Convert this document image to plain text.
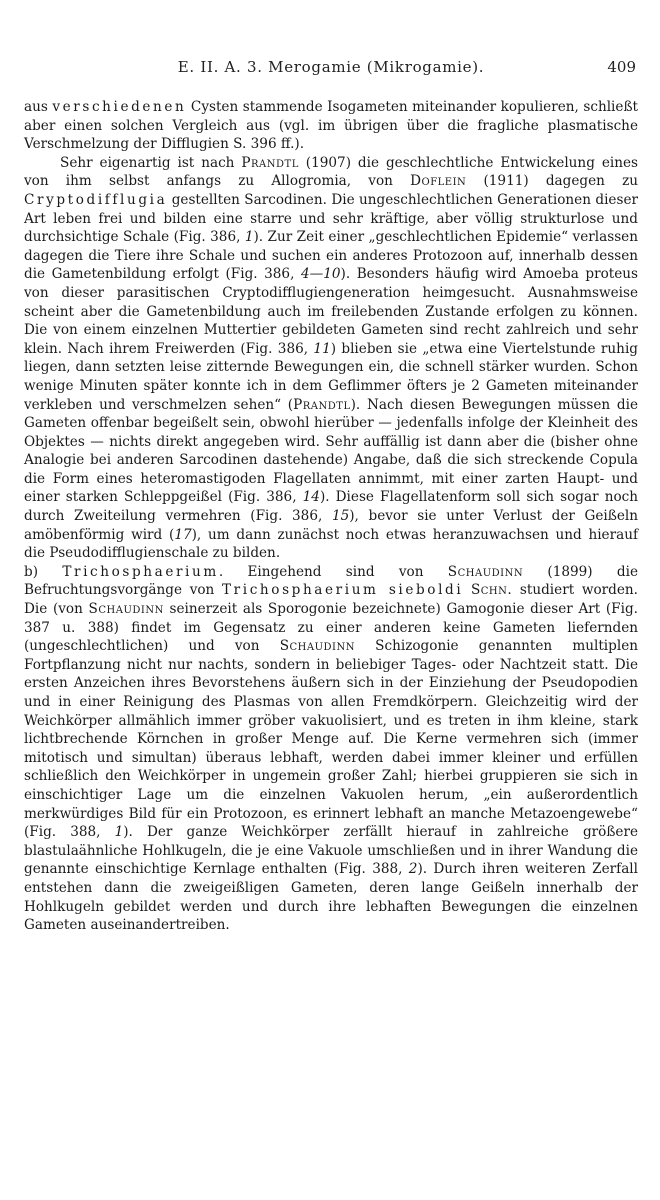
E. II. A. 3. Merogamie (Mikrogamie).	409

aus verschiedenen Cysten stammende Isogameten miteinander kopulieren, schließt aber einen solchen Vergleich aus (vgl. im übrigen über die fragliche plasmatische Verschmelzung der Difflugien S. 396 ff.).

Sehr eigenartig ist nach Prandtl (1907) die geschlechtliche Entwickelung eines von ihm selbst anfangs zu Allogromia, von Doflein (1911) dagegen zu Cryptodifflugia gestellten Sarcodinen. Die ungeschlechtlichen Generationen dieser Art leben frei und bilden eine starre und sehr kräftige, aber völlig strukturlose und durchsichtige Schale (Fig. 386, 1). Zur Zeit einer „geschlechtlichen Epidemie“ verlassen dagegen die Tiere ihre Schale und suchen ein anderes Protozoon auf, innerhalb dessen die Gametenbildung erfolgt (Fig. 386, 4—10). Besonders häufig wird Amoeba proteus von dieser parasitischen Cryptodifflugiengeneration heimgesucht. Ausnahmsweise scheint aber die Gametenbildung auch im freilebenden Zustande erfolgen zu können. Die von einem einzelnen Muttertier gebildeten Gameten sind recht zahlreich und sehr klein. Nach ihrem Freiwerden (Fig. 386, 11) blieben sie „etwa eine Viertelstunde ruhig liegen, dann setzten leise zitternde Bewegungen ein, die schnell stärker wurden. Schon wenige Minuten später konnte ich in dem Geflimmer öfters je 2 Gameten miteinander verkleben und verschmelzen sehen“ (Prandtl). Nach diesen Bewegungen müssen die Gameten offenbar begeißelt sein, obwohl hierüber — jedenfalls infolge der Kleinheit des Objektes — nichts direkt angegeben wird. Sehr auffällig ist dann aber die (bisher ohne Analogie bei anderen Sarcodinen dastehende) Angabe, daß die sich streckende Copula die Form eines heteromastigoden Flagellaten annimmt, mit einer zarten Haupt- und einer starken Schleppgeißel (Fig. 386, 14). Diese Flagellatenform soll sich sogar noch durch Zweiteilung vermehren (Fig. 386, 15), bevor sie unter Verlust der Geißeln amöbenförmig wird (17), um dann zunächst noch etwas heranzuwachsen und hierauf die Pseudodifflugienschale zu bilden.

b) Trichosphaerium. Eingehend sind von Schaudinn (1899) die Befruchtungsvorgänge von Trichosphaerium sieboldi Schn. studiert worden. Die (von Schaudinn seinerzeit als Sporogonie bezeichnete) Gamogonie dieser Art (Fig. 387 u. 388) findet im Gegensatz zu einer anderen keine Gameten liefernden (ungeschlechtlichen) und von Schaudinn Schizogonie genannten multiplen Fortpflanzung nicht nur nachts, sondern in beliebiger Tages- oder Nachtzeit statt. Die ersten Anzeichen ihres Bevorstehens äußern sich in der Einziehung der Pseudopodien und in einer Reinigung des Plasmas von allen Fremdkörpern. Gleichzeitig wird der Weichkörper allmählich immer gröber vakuolisiert, und es treten in ihm kleine, stark lichtbrechende Körnchen in großer Menge auf. Die Kerne vermehren sich (immer mitotisch und simultan) überaus lebhaft, werden dabei immer kleiner und erfüllen schließlich den Weichkörper in ungemein großer Zahl; hierbei gruppieren sie sich in einschichtiger Lage um die einzelnen Vakuolen herum, „ein außerordentlich merkwürdiges Bild für ein Protozoon, es erinnert lebhaft an manche Metazoengewebe“ (Fig. 388, 1). Der ganze Weichkörper zerfällt hierauf in zahlreiche größere blastulaähnliche Hohlkugeln, die je eine Vakuole umschließen und in ihrer Wandung die genannte einschichtige Kernlage enthalten (Fig. 388, 2). Durch ihren weiteren Zerfall entstehen dann die zweigeißligen Gameten, deren lange Geißeln innerhalb der Hohlkugeln gebildet werden und durch ihre lebhaften Bewegungen die einzelnen Gameten auseinandertreiben.
